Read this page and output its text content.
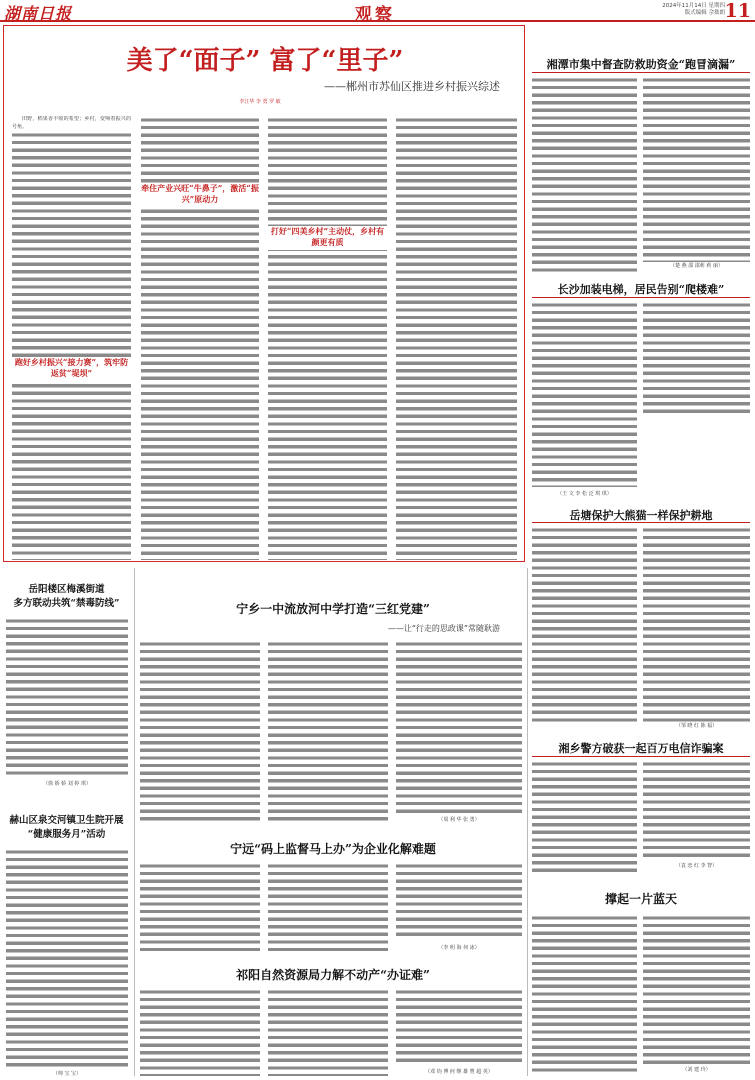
湖南日报	观察	2024年11月14日 星期四
版式编辑 佘拙朗 11
美了“面子” 富了“里子”
——郴州市苏仙区推进乡村振兴综述
李江华 李 勇 罗 敏
田野，稻果香丰收的希望；乡村，变响着振兴的号角。
跑好乡村振兴“接力赛”，筑牢防返贫“堤坝”
牵住产业兴旺“牛鼻子”，激活“振兴”原动力
打好“四美乡村”主动仗，乡村有颜更有质
湘潭市集中督查防救助资金“跑冒滴漏”
（楚 燕 邵 邵莉 莉 丽）
长沙加装电梯，居民告别“爬楼难”
（王 文 李 松 泛 琪 琪）
岳塘保护大熊猫一样保护耕地
（邹 晓 红 陈 福）
湘乡警方破获一起百万电信诈骗案
（袁 恋 红 李 智）
岳阳楼区梅溪街道
多方联动共筑“禁毒防线”
（徐 娇 娇 刘 婷 琪）
赫山区泉交河镇卫生院开展
“健康服务月”活动
（帅 宝 宝）
宁乡一中流放河中学打造“三红党建”
——让“行走的思政课”常随耿游
（周 利 华 张 勇）
宁远“码上监督马上办”为企业化解难题
（李 明 海 何 冰）
祁阳自然资源局力解不动产“办证难”
（邓 钧 博 何 继 雄 曹 超 英）
撑起一片蓝天
（刘 建 玲）
